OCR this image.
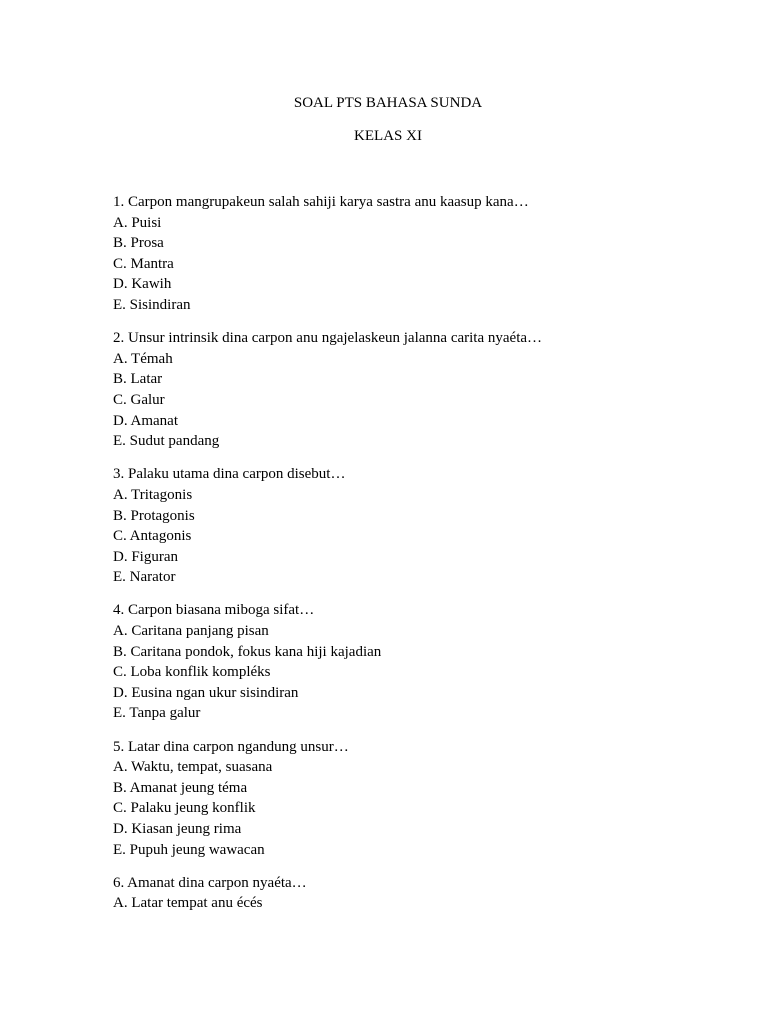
SOAL PTS BAHASA SUNDA
KELAS XI
1. Carpon mangrupakeun salah sahiji karya sastra anu kaasup kana…
A. Puisi
B. Prosa
C. Mantra
D. Kawih
E. Sisindiran
2. Unsur intrinsik dina carpon anu ngajelaskeun jalanna carita nyaéta…
A. Témah
B. Latar
C. Galur
D. Amanat
E. Sudut pandang
3. Palaku utama dina carpon disebut…
A. Tritagonis
B. Protagonis
C. Antagonis
D. Figuran
E. Narator
4. Carpon biasana miboga sifat…
A. Caritana panjang pisan
B. Caritana pondok, fokus kana hiji kajadian
C. Loba konflik kompléks
D. Eusina ngan ukur sisindiran
E. Tanpa galur
5. Latar dina carpon ngandung unsur…
A. Waktu, tempat, suasana
B. Amanat jeung téma
C. Palaku jeung konflik
D. Kiasan jeung rima
E. Pupuh jeung wawacan
6. Amanat dina carpon nyaéta…
A. Latar tempat anu écés
